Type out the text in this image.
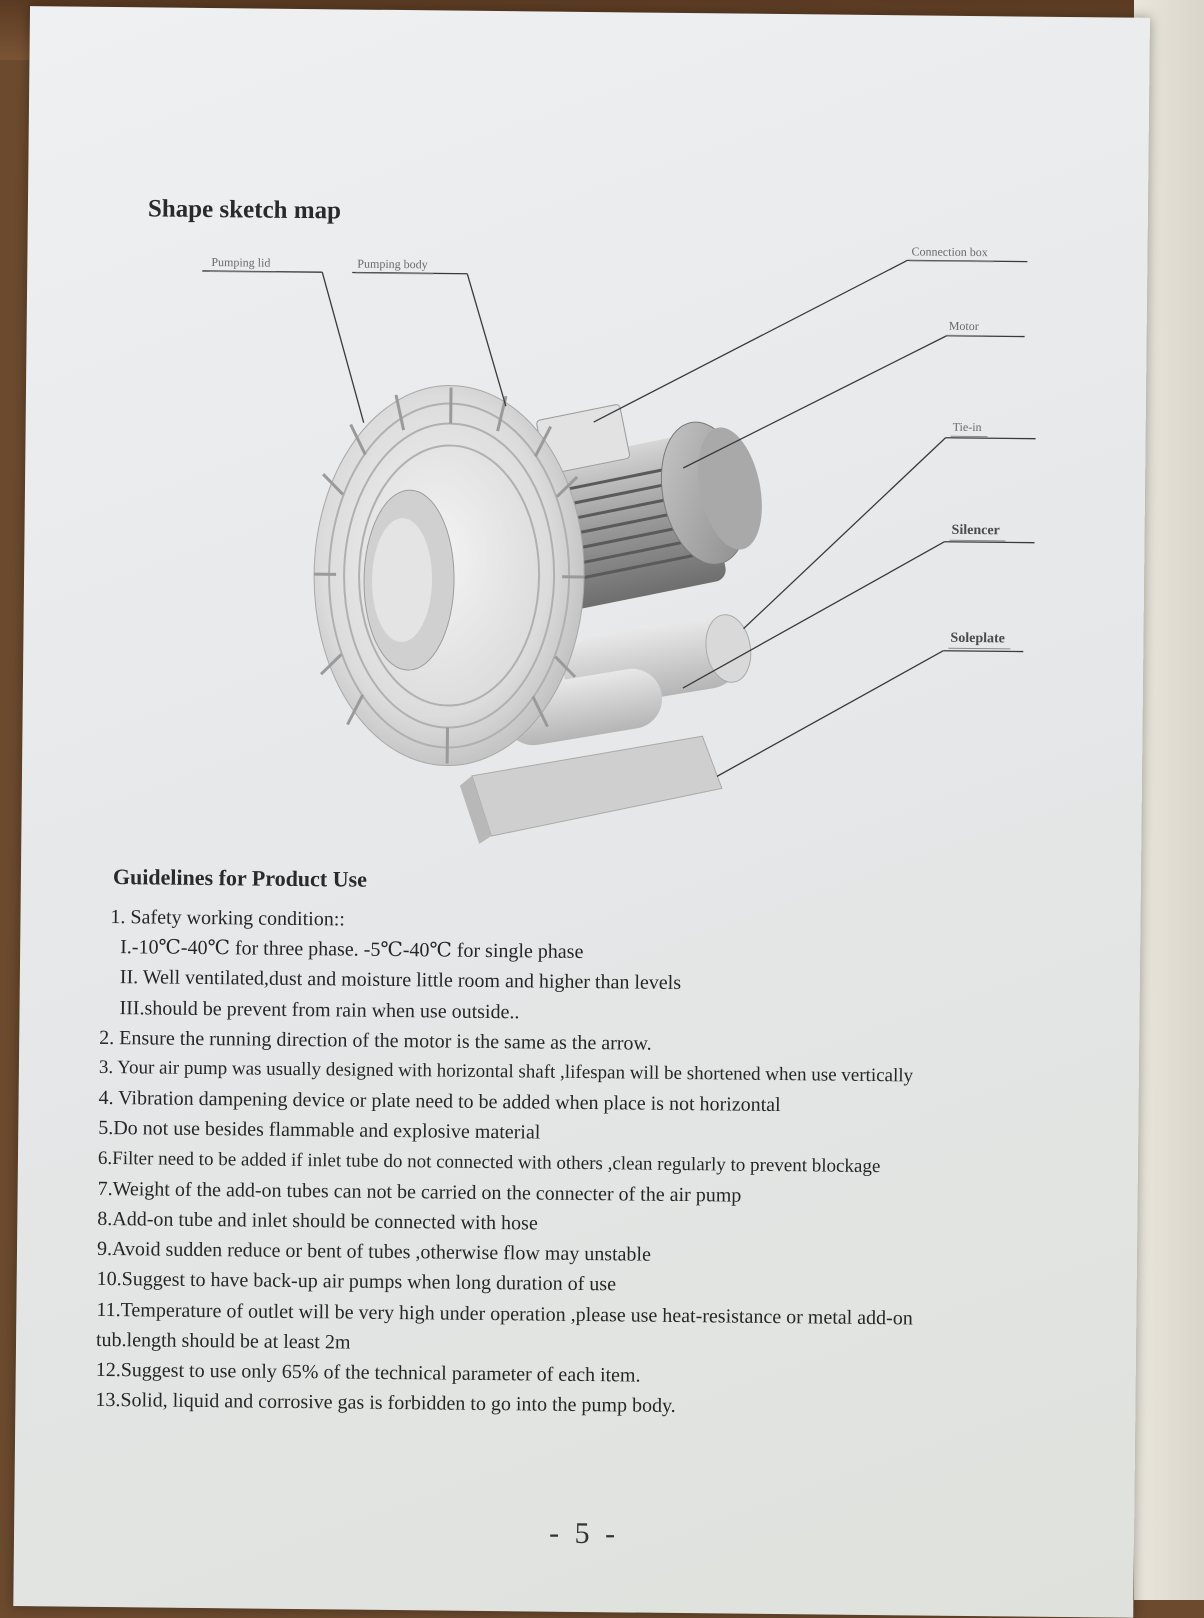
Shape sketch map
Pumping lid	Pumping body
Connection box
Motor
Tie-in
Silencer
Soleplate
Guidelines for Product Use
1. Safety working condition::
I.-10℃-40℃ for three phase. -5℃-40℃ for single phase
II. Well ventilated,dust and moisture little room and higher than levels
III.should be prevent from rain when use outside..
2. Ensure the running direction of the motor is the same as the arrow.
3. Your air pump was usually designed with horizontal shaft ,lifespan will be shortened when use vertically
4. Vibration dampening device or plate need to be added when place is not horizontal
5.Do not use besides flammable and explosive material
6.Filter need to be added if inlet tube do not connected with others ,clean regularly to prevent blockage
7.Weight of the add-on tubes can not be carried on the connecter of the air pump
8.Add-on tube and inlet should be connected with hose
9.Avoid sudden reduce or bent of tubes ,otherwise flow may unstable
10.Suggest to have back-up air pumps when long duration of use
11.Temperature of outlet will be very high under operation ,please use heat-resistance or metal add-on tub.length should be at least 2m
12.Suggest to use only 65% of the technical parameter of each item.
13.Solid, liquid and corrosive gas is forbidden to go into the pump body.
- 5 -
